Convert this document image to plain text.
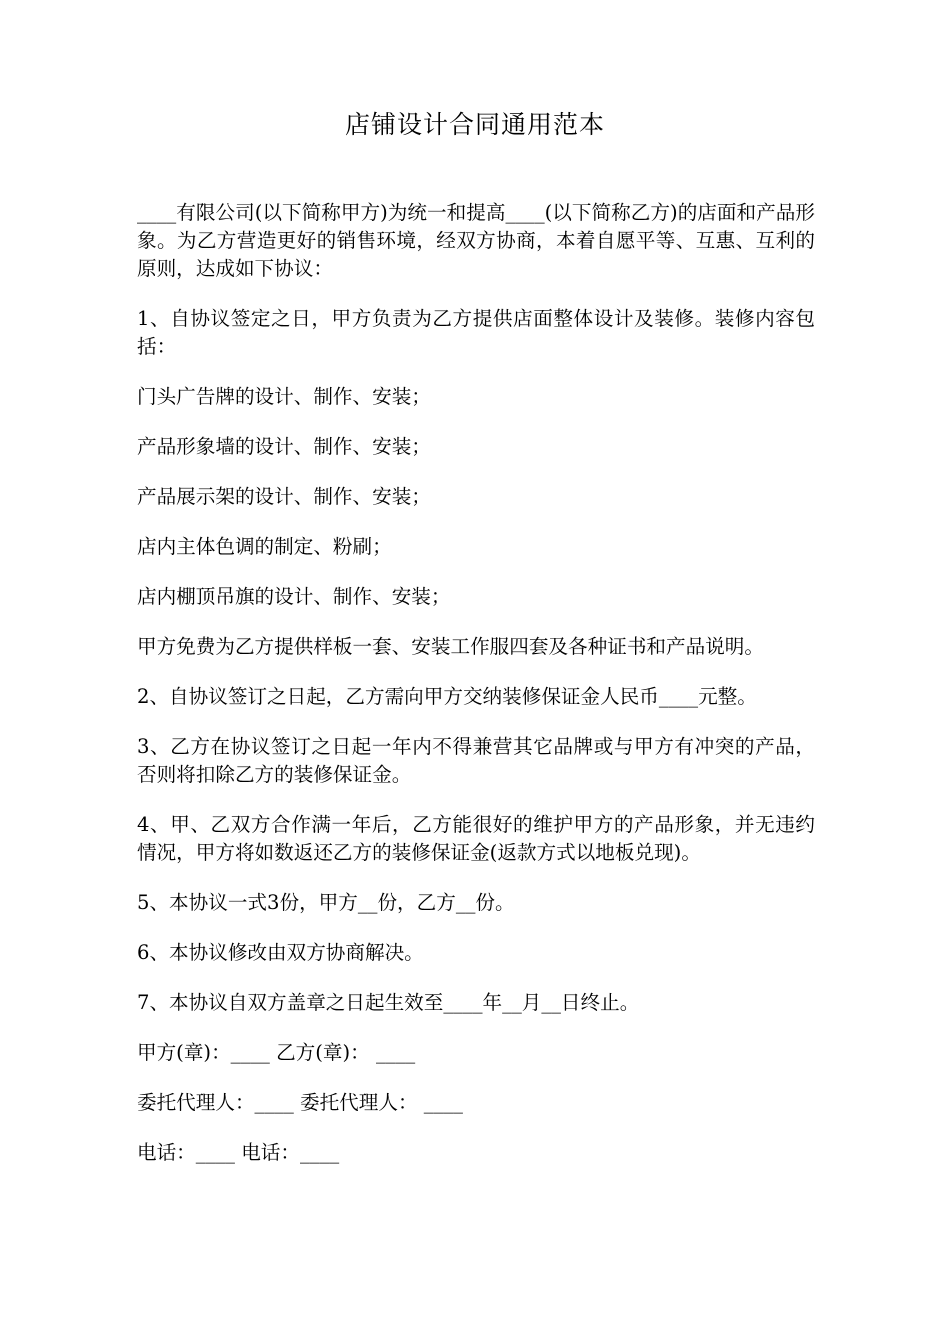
店铺设计合同通用范本

____有限公司(以下简称甲方)为统一和提高____(以下简称乙方)的店面和产品形象。为乙方营造更好的销售环境，经双方协商，本着自愿平等、互惠、互利的原则，达成如下协议：

1、自协议签定之日，甲方负责为乙方提供店面整体设计及装修。装修内容包括：

门头广告牌的设计、制作、安装；

产品形象墙的设计、制作、安装；

产品展示架的设计、制作、安装；

店内主体色调的制定、粉刷；

店内棚顶吊旗的设计、制作、安装；

甲方免费为乙方提供样板一套、安装工作服四套及各种证书和产品说明。

2、自协议签订之日起，乙方需向甲方交纳装修保证金人民币____元整。

3、乙方在协议签订之日起一年内不得兼营其它品牌或与甲方有冲突的产品，否则将扣除乙方的装修保证金。

4、甲、乙双方合作满一年后，乙方能很好的维护甲方的产品形象，并无违约情况，甲方将如数返还乙方的装修保证金(返款方式以地板兑现)。

5、本协议一式3份，甲方__份，乙方__份。

6、本协议修改由双方协商解决。

7、本协议自双方盖章之日起生效至____年__月__日终止。

甲方(章)：____ 乙方(章)： ____
委托代理人：____ 委托代理人： ____
电话：____ 电话：____
